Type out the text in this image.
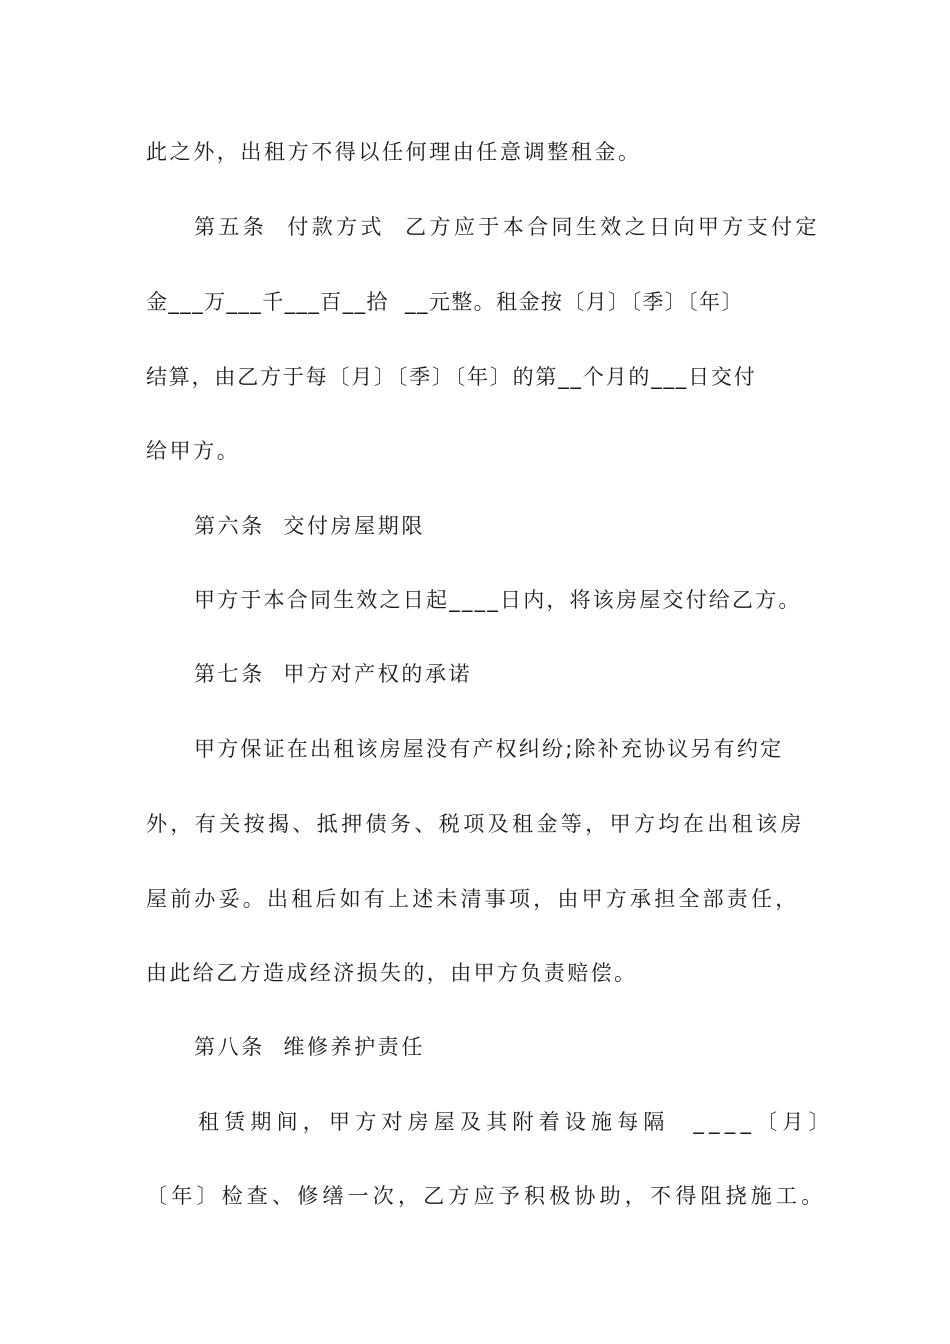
此之外，出租方不得以任何理由任意调整租金。
第五条  付款方式  乙方应于本合同生效之日向甲方支付定
金___万___千___百__拾  __元整。租金按〔月〕〔季〕〔年〕
结算，由乙方于每〔月〕〔季〕〔年〕的第__个月的___日交付
给甲方。
第六条  交付房屋期限
甲方于本合同生效之日起____日内，将该房屋交付给乙方。
第七条  甲方对产权的承诺
甲方保证在出租该房屋没有产权纠纷;除补充协议另有约定
外，有关按揭、抵押债务、税项及租金等，甲方均在出租该房
屋前办妥。出租后如有上述未清事项，由甲方承担全部责任，
由此给乙方造成经济损失的，由甲方负责赔偿。
第八条  维修养护责任
租赁期间，甲方对房屋及其附着设施每隔  ____〔月〕
〔年〕检查、修缮一次，乙方应予积极协助，不得阻挠施工。
